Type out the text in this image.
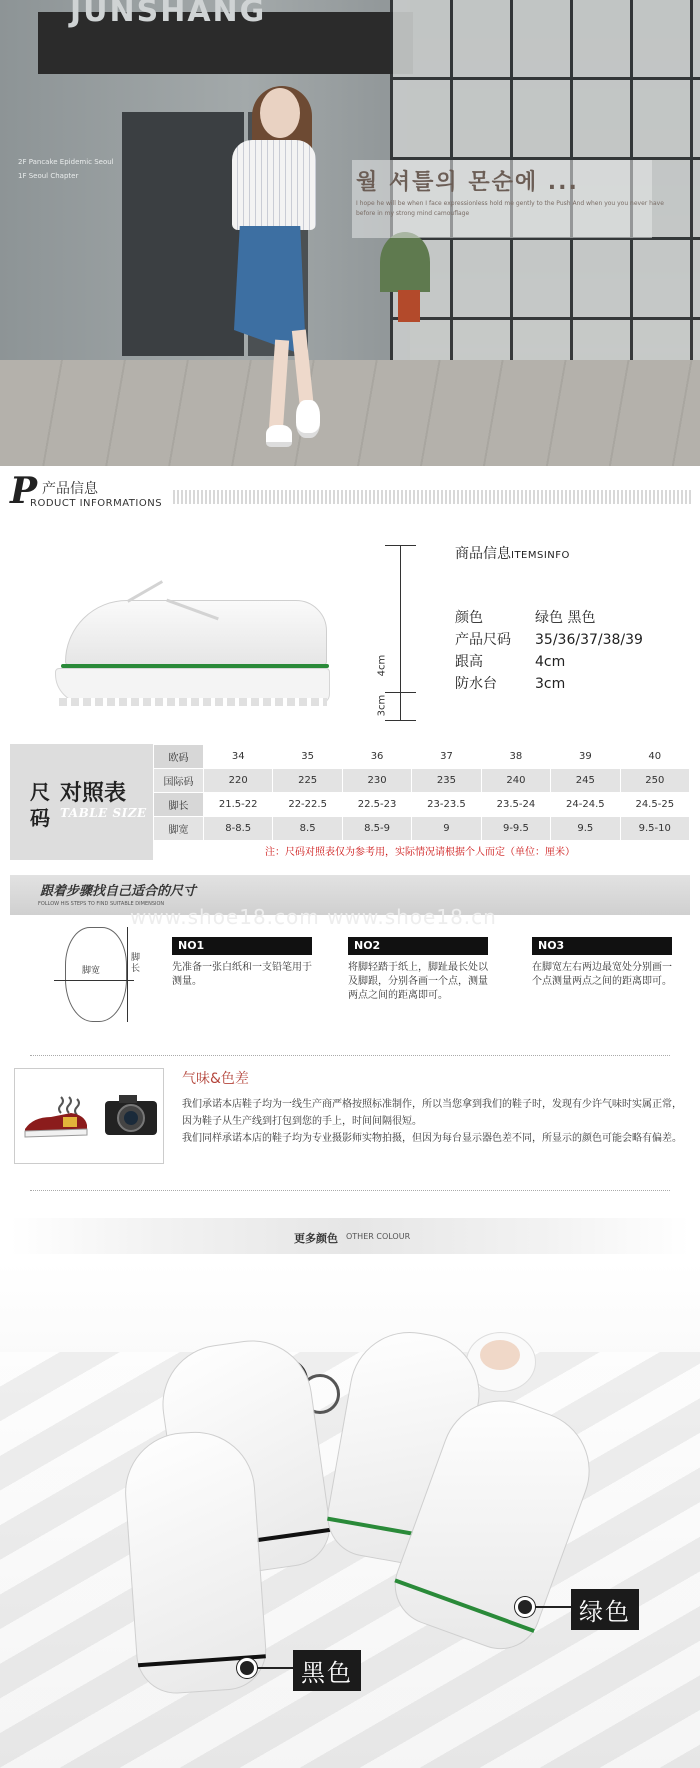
JUNSHANG
2F Pancake Epidemic Seoul
1F Seoul Chapter	월 셔틀의 몬순에 ...
I hope he will be when I face expressionless hold me gently to the Push And when you you never have before in my strong mind camouflage
P 产品信息
RODUCT INFORMATIONS
4cm
3cm
商品信息ITEMSINFO
颜色	绿色 黑色
产品尺码 35/36/37/38/39
跟高	4cm
防水台	3cm
尺
码
对照表
TABLE SIZE
欧码	34	35	36	37	38	39	40
国际码	220	225	230	235	240	245	250
脚长	21.5-22	22-22.5	22.5-23	23-23.5	23.5-24	24-24.5	24.5-25
脚宽	8-8.5	8.5	8.5-9	9	9-9.5	9.5	9.5-10
注：尺码对照表仅为参考用，实际情况请根据个人而定（单位：厘米）
跟着步骤找自己适合的尺寸
FOLLOW HIS STEPS TO FIND SUITABLE DIMENSION
www.shoe18.com www.shoe18.cn
脚宽
脚长
NO1
先准备一张白纸和一支铅笔用于测量。
NO2
将脚轻踏于纸上，脚趾最长处以及脚跟，分别各画一个点，测量两点之间的距离即可。
NO3
在脚宽左右两边最宽处分别画一个点测量两点之间的距离即可。
气味&色差

我们承诺本店鞋子均为一线生产商严格按照标准制作，所以当您拿到我们的鞋子时，发现有少许气味时实属正常，因为鞋子从生产线到打包到您的手上，时间间隔很短。

我们同样承诺本店的鞋子均为专业摄影师实物拍摄，但因为每台显示器色差不同，所显示的颜色可能会略有偏差。

更多颜色 OTHER COLOUR
绿色
黑色
